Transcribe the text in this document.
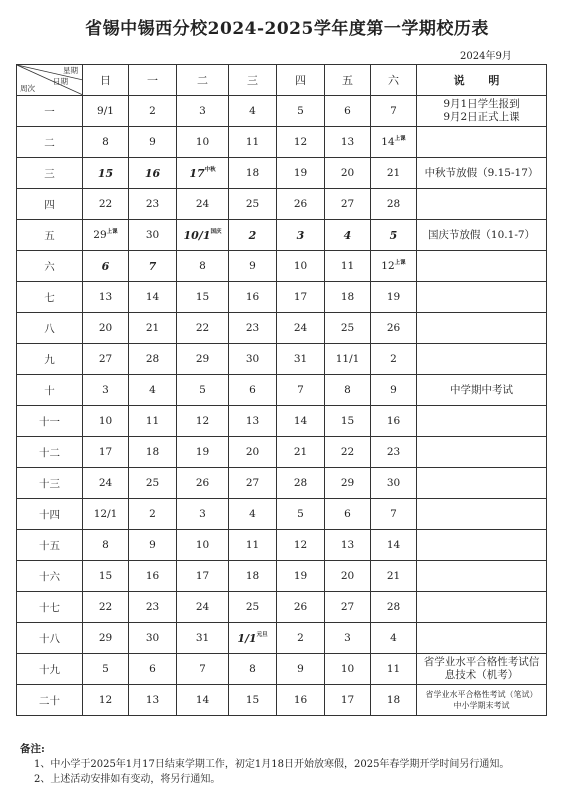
省锡中锡西分校2024-2025学年度第一学期校历表
2024年9月
星期
日期
周次	日	一	二	三	四	五	六	说 明
一	9/1	2	3	4	5	6	7	9月1日学生报到
9月2日正式上课
二	8	9	10	11	12	13	$14^{上课}$	
三	15	16	$17^{中秋}$	18	19	20	21	中秋节放假（9.15-17）
四	22	23	24	25	26	27	28	
五	$29^{上课}$	30	$10/1^{国庆}$	2	3	4	5	国庆节放假（10.1-7）
六	6	7	8	9	10	11	$12^{上课}$	
七	13	14	15	16	17	18	19	
八	20	21	22	23	24	25	26	
九	27	28	29	30	31	11/1	2	
十	3	4	5	6	7	8	9	中学期中考试
十一	10	11	12	13	14	15	16	
十二	17	18	19	20	21	22	23	
十三	24	25	26	27	28	29	30	
十四	12/1	2	3	4	5	6	7	
十五	8	9	10	11	12	13	14	
十六	15	16	17	18	19	20	21	
十七	22	23	24	25	26	27	28	
十八	29	30	31	$1/1^{元旦}$	2	3	4	
十九	5	6	7	8	9	10	11	省学业水平合格性考试信息技术（机考）
二十	12	13	14	15	16	17	18	省学业水平合格性考试（笔试）
中小学期末考试
备注:

1、中小学于2025年1月17日结束学期工作，初定1月18日开始放寒假，2025年春学期开学时间另行通知。

2、上述活动安排如有变动，将另行通知。
